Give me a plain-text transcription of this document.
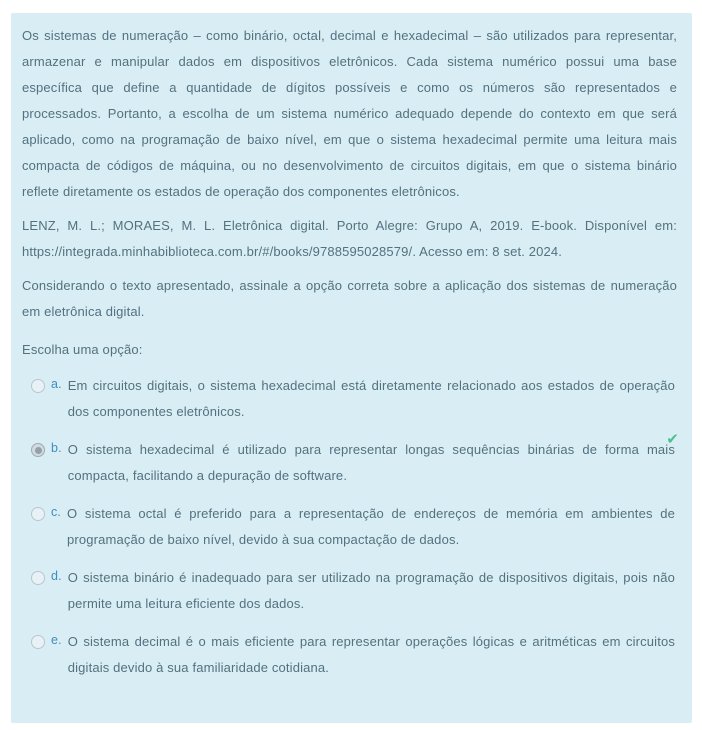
Os sistemas de numeração – como binário, octal, decimal e hexadecimal – são utilizados para representar, armazenar e manipular dados em dispositivos eletrônicos. Cada sistema numérico possui uma base específica que define a quantidade de dígitos possíveis e como os números são representados e processados. Portanto, a escolha de um sistema numérico adequado depende do contexto em que será aplicado, como na programação de baixo nível, em que o sistema hexadecimal permite uma leitura mais compacta de códigos de máquina, ou no desenvolvimento de circuitos digitais, em que o sistema binário reflete diretamente os estados de operação dos componentes eletrônicos.

LENZ, M. L.; MORAES, M. L. Eletrônica digital. Porto Alegre: Grupo A, 2019. E-book. Disponível em: https://integrada.minhabiblioteca.com.br/#/books/9788595028579/. Acesso em: 8 set. 2024.

Considerando o texto apresentado, assinale a opção correta sobre a aplicação dos sistemas de numeração em eletrônica digital.

Escolha uma opção:
a. Em circuitos digitais, o sistema hexadecimal está diretamente relacionado aos estados de operação dos componentes eletrônicos.
b. O sistema hexadecimal é utilizado para representar longas sequências binárias de forma mais compacta, facilitando a depuração de software.
✔
c. O sistema octal é preferido para a representação de endereços de memória em ambientes de programação de baixo nível, devido à sua compactação de dados.
d. O sistema binário é inadequado para ser utilizado na programação de dispositivos digitais, pois não permite uma leitura eficiente dos dados.
e. O sistema decimal é o mais eficiente para representar operações lógicas e aritméticas em circuitos digitais devido à sua familiaridade cotidiana.
